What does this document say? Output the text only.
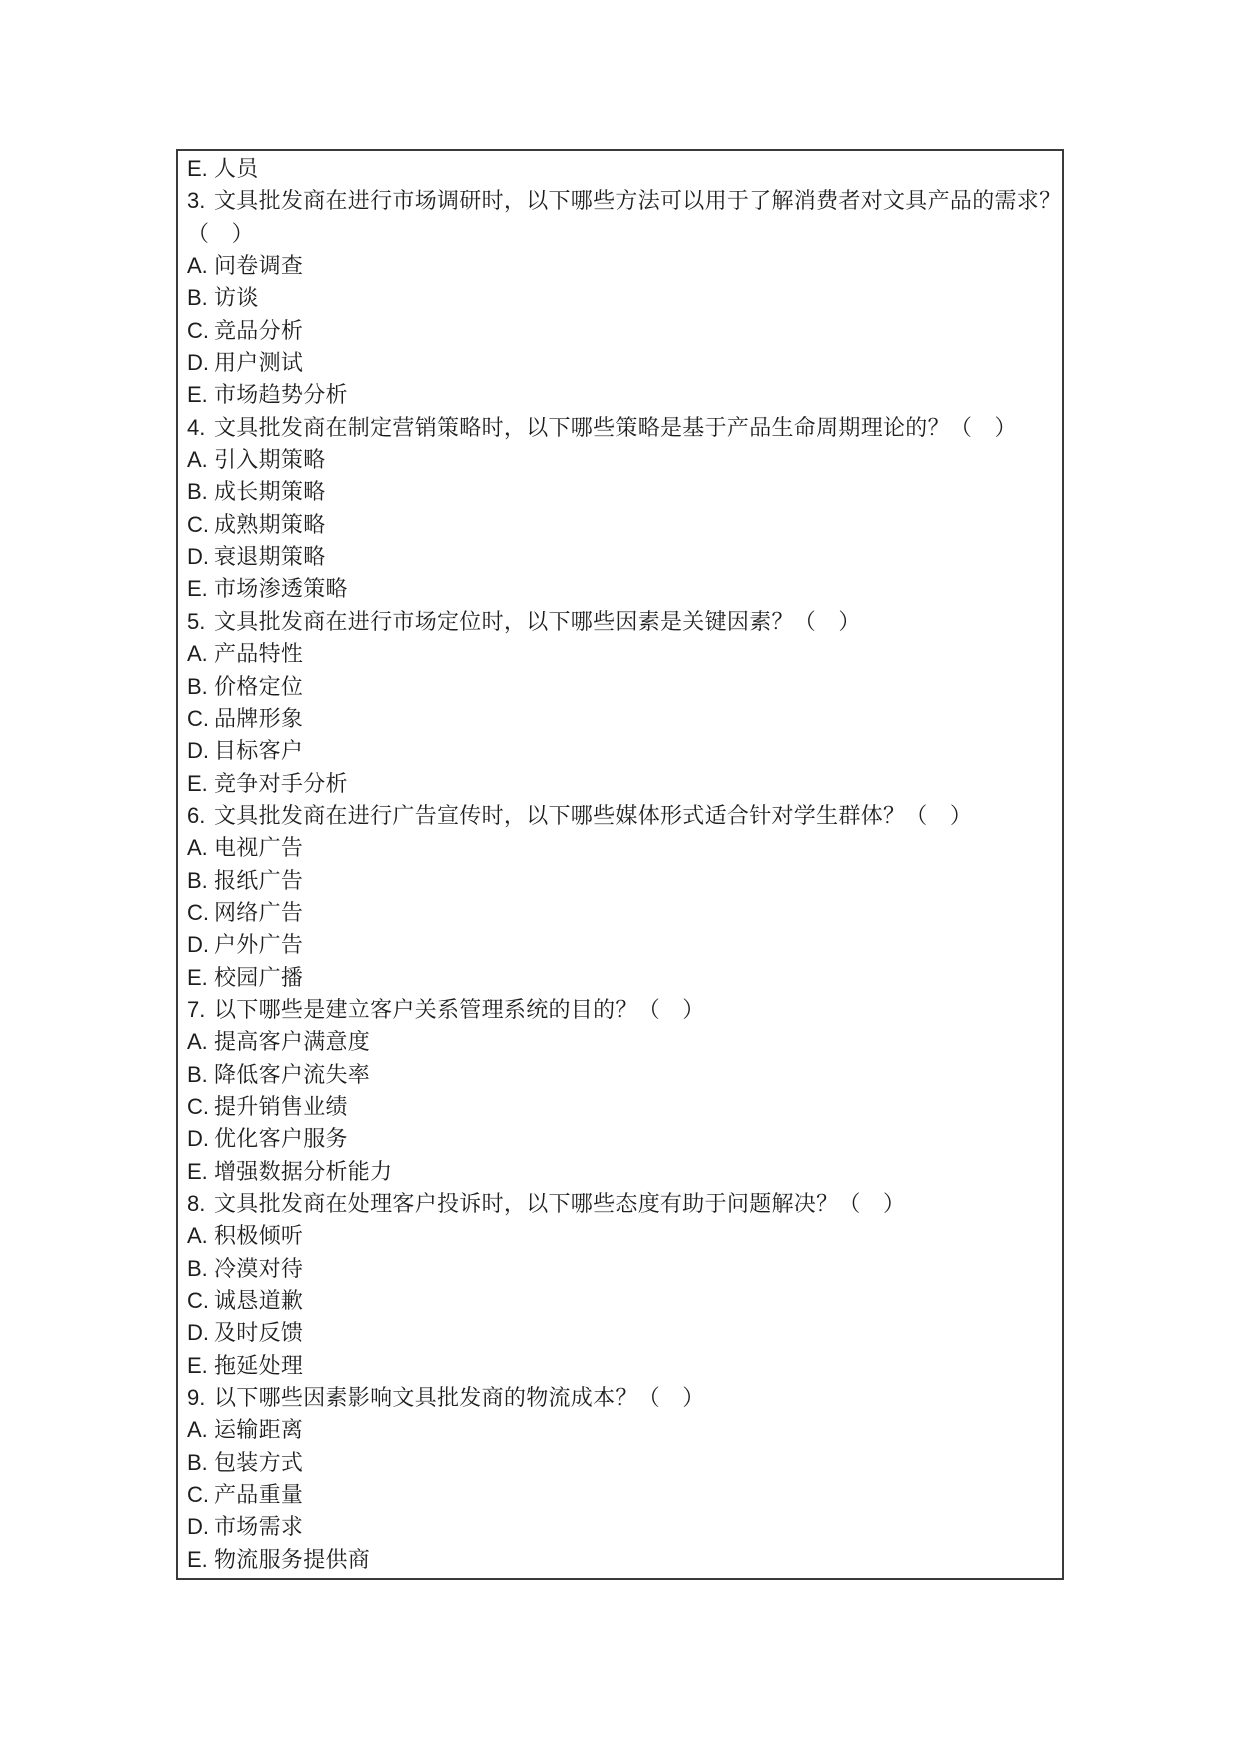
E. 人员
3. 文具批发商在进行市场调研时，以下哪些方法可以用于了解消费者对文具产品的需求？
（　）
A. 问卷调查
B. 访谈
C. 竞品分析
D. 用户测试
E. 市场趋势分析
4. 文具批发商在制定营销策略时，以下哪些策略是基于产品生命周期理论的？（　）
A. 引入期策略
B. 成长期策略
C. 成熟期策略
D. 衰退期策略
E. 市场渗透策略
5. 文具批发商在进行市场定位时，以下哪些因素是关键因素？（　）
A. 产品特性
B. 价格定位
C. 品牌形象
D. 目标客户
E. 竞争对手分析
6. 文具批发商在进行广告宣传时，以下哪些媒体形式适合针对学生群体？（　）
A. 电视广告
B. 报纸广告
C. 网络广告
D. 户外广告
E. 校园广播
7. 以下哪些是建立客户关系管理系统的目的？（　）
A. 提高客户满意度
B. 降低客户流失率
C. 提升销售业绩
D. 优化客户服务
E. 增强数据分析能力
8. 文具批发商在处理客户投诉时，以下哪些态度有助于问题解决？（　）
A. 积极倾听
B. 冷漠对待
C. 诚恳道歉
D. 及时反馈
E. 拖延处理
9. 以下哪些因素影响文具批发商的物流成本？（　）
A. 运输距离
B. 包装方式
C. 产品重量
D. 市场需求
E. 物流服务提供商
